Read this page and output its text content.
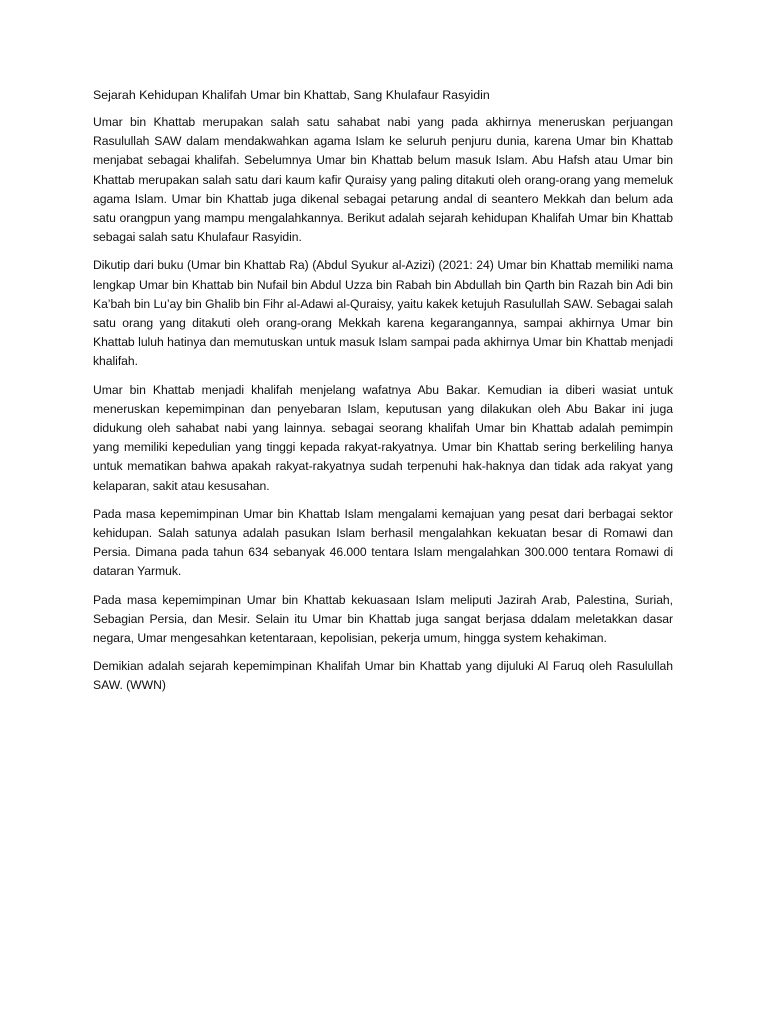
Sejarah Kehidupan Khalifah Umar bin Khattab, Sang Khulafaur Rasyidin

Umar bin Khattab merupakan salah satu sahabat nabi yang pada akhirnya meneruskan perjuangan Rasulullah SAW dalam mendakwahkan agama Islam ke seluruh penjuru dunia, karena Umar bin Khattab menjabat sebagai khalifah. Sebelumnya Umar bin Khattab belum masuk Islam. Abu Hafsh atau Umar bin Khattab merupakan salah satu dari kaum kafir Quraisy yang paling ditakuti oleh orang-orang yang memeluk agama Islam. Umar bin Khattab juga dikenal sebagai petarung andal di seantero Mekkah dan belum ada satu orangpun yang mampu mengalahkannya. Berikut adalah sejarah kehidupan Khalifah Umar bin Khattab sebagai salah satu Khulafaur Rasyidin.

Dikutip dari buku (Umar bin Khattab Ra) (Abdul Syukur al-Azizi) (2021: 24) Umar bin Khattab memiliki nama lengkap Umar bin Khattab bin Nufail bin Abdul Uzza bin Rabah bin Abdullah bin Qarth bin Razah bin Adi bin Ka’bah bin Lu’ay bin Ghalib bin Fihr al-Adawi al-Quraisy, yaitu kakek ketujuh Rasulullah SAW. Sebagai salah satu orang yang ditakuti oleh orang-orang Mekkah karena kegarangannya, sampai akhirnya Umar bin Khattab luluh hatinya dan memutuskan untuk masuk Islam sampai pada akhirnya Umar bin Khattab menjadi khalifah.

Umar bin Khattab menjadi khalifah menjelang wafatnya Abu Bakar. Kemudian ia diberi wasiat untuk meneruskan kepemimpinan dan penyebaran Islam, keputusan yang dilakukan oleh Abu Bakar ini juga didukung oleh sahabat nabi yang lainnya. sebagai seorang khalifah Umar bin Khattab adalah pemimpin yang memiliki kepedulian yang tinggi kepada rakyat-rakyatnya. Umar bin Khattab sering berkeliling hanya untuk mematikan bahwa apakah rakyat-rakyatnya sudah terpenuhi hak-haknya dan tidak ada rakyat yang kelaparan, sakit atau kesusahan.

Pada masa kepemimpinan Umar bin Khattab Islam mengalami kemajuan yang pesat dari berbagai sektor kehidupan. Salah satunya adalah pasukan Islam berhasil mengalahkan kekuatan besar di Romawi dan Persia. Dimana pada tahun 634 sebanyak 46.000 tentara Islam mengalahkan 300.000 tentara Romawi di dataran Yarmuk.

Pada masa kepemimpinan Umar bin Khattab kekuasaan Islam meliputi Jazirah Arab, Palestina, Suriah, Sebagian Persia, dan Mesir. Selain itu Umar bin Khattab juga sangat berjasa ddalam meletakkan dasar negara, Umar mengesahkan ketentaraan, kepolisian, pekerja umum, hingga system kehakiman.

Demikian adalah sejarah kepemimpinan Khalifah Umar bin Khattab yang dijuluki Al Faruq oleh Rasulullah SAW. (WWN)
